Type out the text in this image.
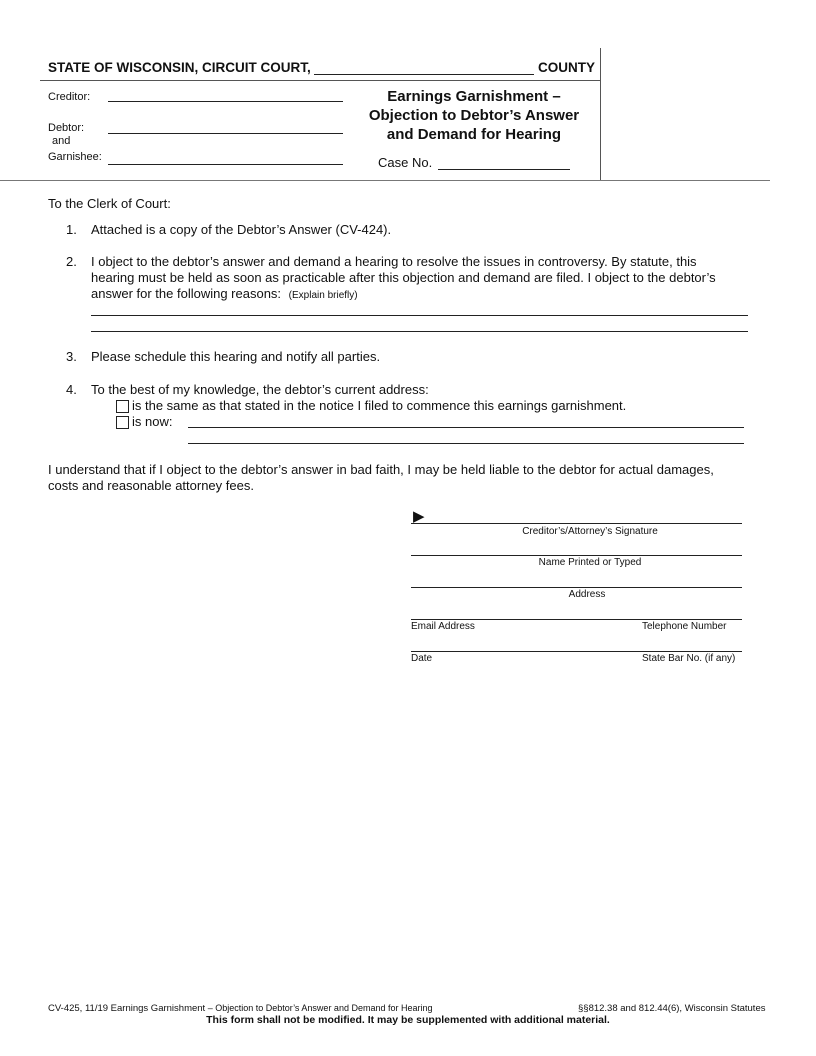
STATE OF WISCONSIN, CIRCUIT COURT,	COUNTY
Creditor:
Debtor:
and
Garnishee:
Earnings Garnishment –
Objection to Debtor’s Answer
and Demand for Hearing
Case No.
To the Clerk of Court:
1. Attached is a copy of the Debtor’s Answer (CV-424).
2. I object to the debtor’s answer and demand a hearing to resolve the issues in controversy. By statute, this
hearing must be held as soon as practicable after this objection and demand are filed. I object to the debtor’s
answer for the following reasons: (Explain briefly)
3. Please schedule this hearing and notify all parties.
4. To the best of my knowledge, the debtor’s current address:
is the same as that stated in the notice I filed to commence this earnings garnishment.
is now:
I understand that if I object to the debtor’s answer in bad faith, I may be held liable to the debtor for actual damages,
costs and reasonable attorney fees.
▶
Creditor’s/Attorney’s Signature
Name Printed or Typed
Address
Email Address	Telephone Number
Date	State Bar No. (if any)
CV-425, 11/19 Earnings Garnishment – Objection to Debtor’s Answer and Demand for Hearing	§§812.38 and 812.44(6), Wisconsin Statutes
This form shall not be modified. It may be supplemented with additional material.
